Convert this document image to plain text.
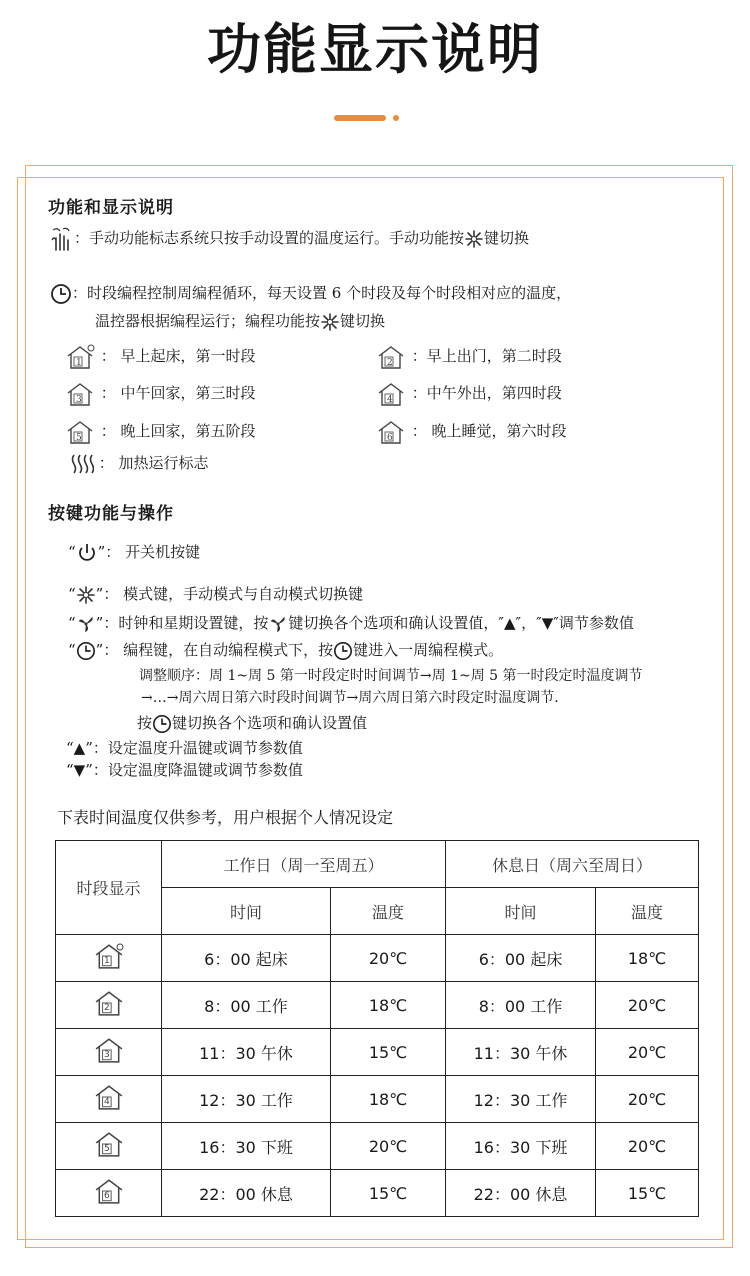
功能显示说明
功能和显示说明
：手动功能标志系统只按手动设置的温度运行。手动功能按 键切换
：时段编程控制周编程循环，每天设置 6 个时段及每个时段相对应的温度，
温控器根据编程运行；编程功能按 键切换
1 ： 早上起床，第一时段	2 ：早上出门，第二时段
3 ： 中午回家，第三时段	4 ：中午外出，第四时段
5 ： 晚上回家，第五阶段	6 ： 晚上睡觉，第六时段
： 加热运行标志
按键功能与操作
“ ”： 开关机按键
“ ”： 模式键，手动模式与自动模式切换键
“ ”：时钟和星期设置键，按 键切换各个选项和确认设置值，″▲″，″▼″调节参数值
“ ”： 编程键，在自动编程模式下，按 键进入一周编程模式。
调整顺序：周 1~周 5 第一时段定时时间调节→周 1~周 5 第一时段定时温度调节
→…→周六周日第六时段时间调节→周六周日第六时段定时温度调节.
按 键切换各个选项和确认设置值
“▲”：设定温度升温键或调节参数值
“▼”：设定温度降温键或调节参数值
下表时间温度仅供参考，用户根据个人情况设定
时段显示	工作日（周一至周五）		休息日（周六至周日）	
	时间	温度	时间	温度

1	6：00 起床	20℃	6：00 起床	18℃

2	8：00 工作	18℃	8：00 工作	20℃

3	11：30 午休	15℃	11：30 午休	20℃

4	12：30 工作	18℃	12：30 工作	20℃

5	16：30 下班	20℃	16：30 下班	20℃

6	22：00 休息	15℃	22：00 休息	15℃
